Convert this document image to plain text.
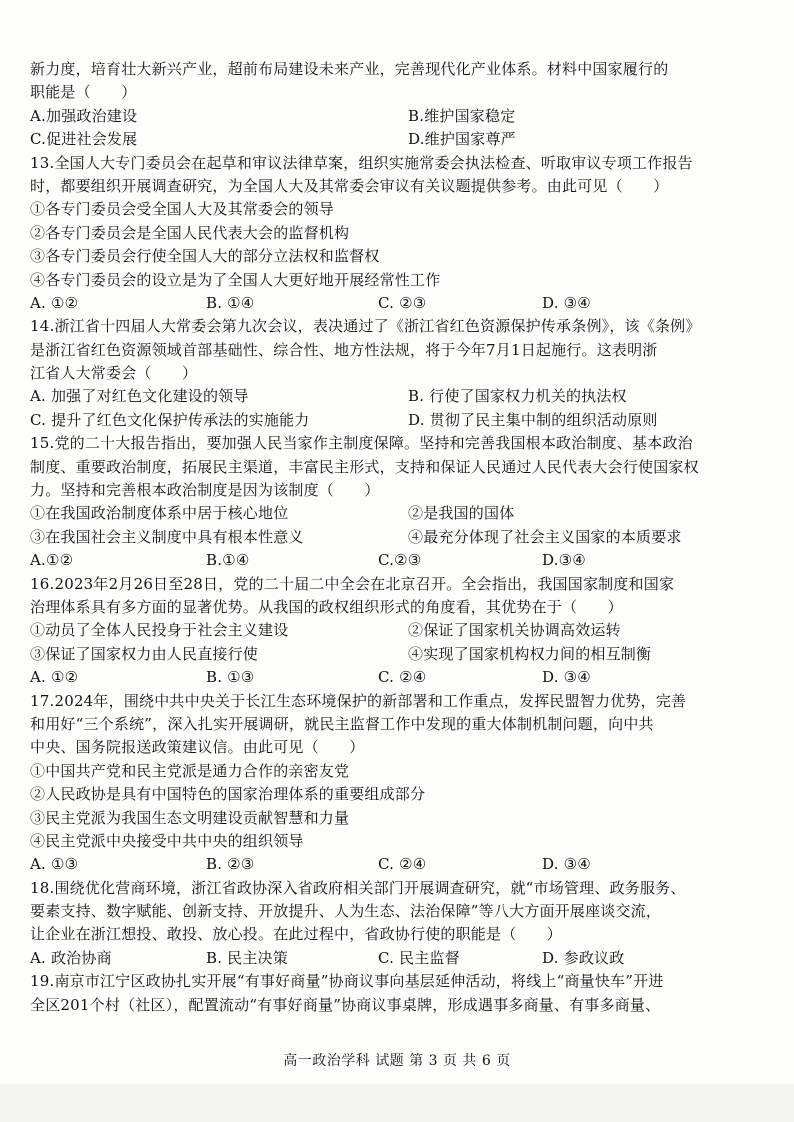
新力度，培育壮大新兴产业，超前布局建设未来产业，完善现代化产业体系。材料中国家履行的
职能是（　　）
A.加强政治建设	B.维护国家稳定
C.促进社会发展	D.维护国家尊严
13.全国人大专门委员会在起草和审议法律草案，组织实施常委会执法检查、听取审议专项工作报告
时，都要组织开展调查研究，为全国人大及其常委会审议有关议题提供参考。由此可见（　　）
①各专门委员会受全国人大及其常委会的领导
②各专门委员会是全国人民代表大会的监督机构
③各专门委员会行使全国人大的部分立法权和监督权
④各专门委员会的设立是为了全国人大更好地开展经常性工作
A. ①②	B. ①④	C. ②③	D. ③④
14.浙江省十四届人大常委会第九次会议，表决通过了《浙江省红色资源保护传承条例》，该《条例》
是浙江省红色资源领域首部基础性、综合性、地方性法规，将于今年7月1日起施行。这表明浙
江省人大常委会（　　）
A. 加强了对红色文化建设的领导	B. 行使了国家权力机关的执法权
C. 提升了红色文化保护传承法的实施能力	D. 贯彻了民主集中制的组织活动原则
15.党的二十大报告指出，要加强人民当家作主制度保障。坚持和完善我国根本政治制度、基本政治
制度、重要政治制度，拓展民主渠道，丰富民主形式，支持和保证人民通过人民代表大会行使国家权
力。坚持和完善根本政治制度是因为该制度（　　）
①在我国政治制度体系中居于核心地位	②是我国的国体
③在我国社会主义制度中具有根本性意义	④最充分体现了社会主义国家的本质要求
A.①②	B.①④	C.②③	D.③④
16.2023年2月26日至28日，党的二十届二中全会在北京召开。全会指出，我国国家制度和国家
治理体系具有多方面的显著优势。从我国的政权组织形式的角度看，其优势在于（　　）
①动员了全体人民投身于社会主义建设	②保证了国家机关协调高效运转
③保证了国家权力由人民直接行使	④实现了国家机构权力间的相互制衡
A. ①②	B. ①③	C. ②④	D. ③④
17.2024年，围绕中共中央关于长江生态环境保护的新部署和工作重点，发挥民盟智力优势，完善
和用好“三个系统”，深入扎实开展调研，就民主监督工作中发现的重大体制机制问题，向中共
中央、国务院报送政策建议信。由此可见（　　）
①中国共产党和民主党派是通力合作的亲密友党
②人民政协是具有中国特色的国家治理体系的重要组成部分
③民主党派为我国生态文明建设贡献智慧和力量
④民主党派中央接受中共中央的组织领导
A. ①③	B. ②③	C. ②④	D. ③④
18.围绕优化营商环境，浙江省政协深入省政府相关部门开展调查研究，就“市场管理、政务服务、
要素支持、数字赋能、创新支持、开放提升、人为生态、法治保障”等八大方面开展座谈交流，
让企业在浙江想投、敢投、放心投。在此过程中，省政协行使的职能是（　　）
A. 政治协商	B. 民主决策	C. 民主监督	D. 参政议政
19.南京市江宁区政协扎实开展“有事好商量”协商议事向基层延伸活动，将线上“商量快车”开进
全区201个村（社区），配置流动“有事好商量”协商议事桌牌，形成遇事多商量、有事多商量、
高一政治学科 试题 第 3 页 共 6 页
